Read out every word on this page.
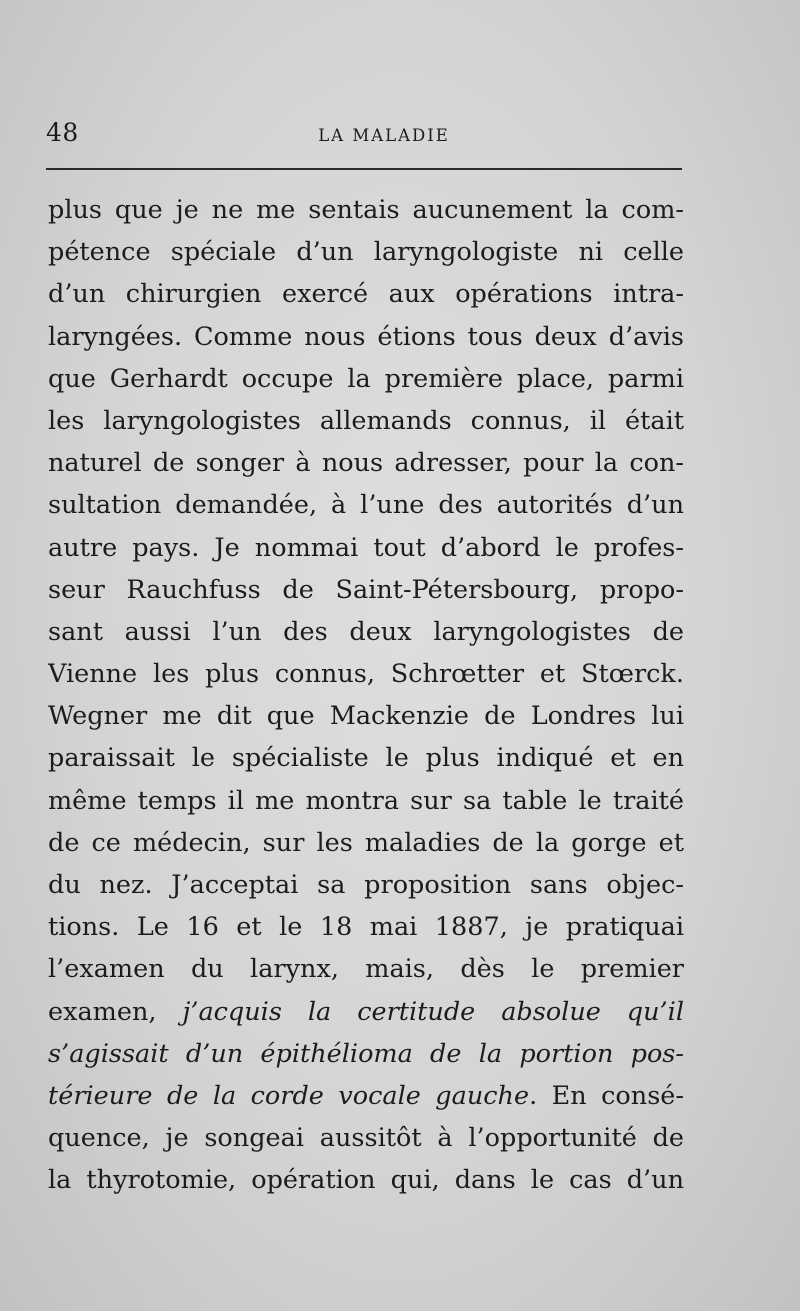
48	LA MALADIE
plus que je ne me sentais aucunement la com-
pétence spéciale d’un laryngologiste ni celle
d’un chirurgien exercé aux opérations intra-
laryngées. Comme nous étions tous deux d’avis
que Gerhardt occupe la première place, parmi
les laryngologistes allemands connus, il était
naturel de songer à nous adresser, pour la con-
sultation demandée, à l’une des autorités d’un
autre pays. Je nommai tout d’abord le profes-
seur Rauchfuss de Saint-Pétersbourg, propo-
sant aussi l’un des deux laryngologistes de
Vienne les plus connus, Schrœtter et Stœrck.
Wegner me dit que Mackenzie de Londres lui
paraissait le spécialiste le plus indiqué et en
même temps il me montra sur sa table le traité
de ce médecin, sur les maladies de la gorge et
du nez. J’acceptai sa proposition sans objec-
tions. Le 16 et le 18 mai 1887, je pratiquai
l’examen du larynx, mais, dès le premier
examen, j’acquis la certitude absolue qu’il
s’agissait d’un épithélioma de la portion pos-
térieure de la corde vocale gauche. En consé-
quence, je songeai aussitôt à l’opportunité de
la thyrotomie, opération qui, dans le cas d’un
